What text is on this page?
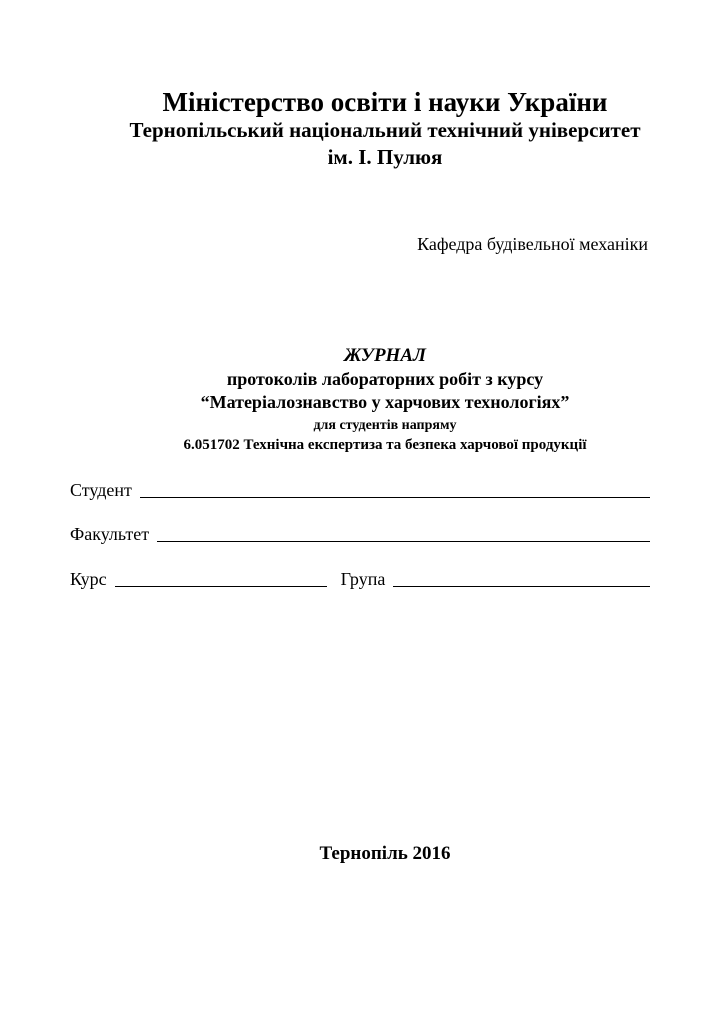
Міністерство освіти і науки України
Тернопільський національний технічний університет
ім. І. Пулюя
Кафедра будівельної механіки
ЖУРНАЛ
протоколів лабораторних робіт з курсу
“Матеріалознавство у харчових технологіях”
для студентів напряму
6.051702 Технічна експертиза та безпека харчової продукції
Студент
Факультет
Курс	Група
Тернопіль 2016
